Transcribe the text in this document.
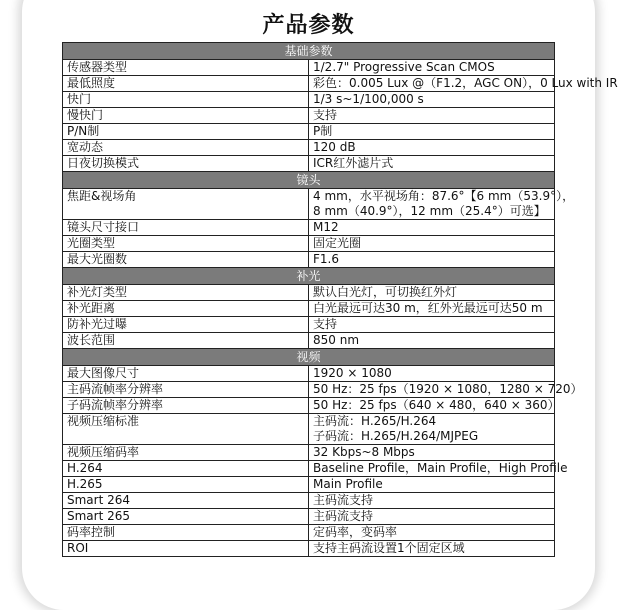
产品参数
基础参数	
传感器类型	1/2.7" Progressive Scan CMOS

最低照度	彩色：0.005 Lux @（F1.2，AGC ON），0 Lux with IR

快门	1/3 s~1/100,000 s

慢快门	支持

P/N制	P制

宽动态	120 dB

日夜切换模式	ICR红外滤片式

镜头	
焦距&视场角	4 mm，水平视场角：87.6°【6 mm（53.9°），
8 mm（40.9°），12 mm（25.4°）可选】

镜头尺寸接口	M12

光圈类型	固定光圈

最大光圈数	F1.6

补光	
补光灯类型	默认白光灯，可切换红外灯

补光距离	白光最远可达30 m，红外光最远可达50 m

防补光过曝	支持

波长范围	850 nm

视频	
最大图像尺寸	1920 × 1080

主码流帧率分辨率	50 Hz：25 fps（1920 × 1080，1280 × 720）

子码流帧率分辨率	50 Hz：25 fps（640 × 480，640 × 360）

视频压缩标准	主码流：H.265/H.264
子码流：H.265/H.264/MJPEG

视频压缩码率	32 Kbps~8 Mbps

H.264	Baseline Profile，Main Profile，High Profile

H.265	Main Profile

Smart 264	主码流支持

Smart 265	主码流支持

码率控制	定码率，变码率

ROI	支持主码流设置1个固定区域
